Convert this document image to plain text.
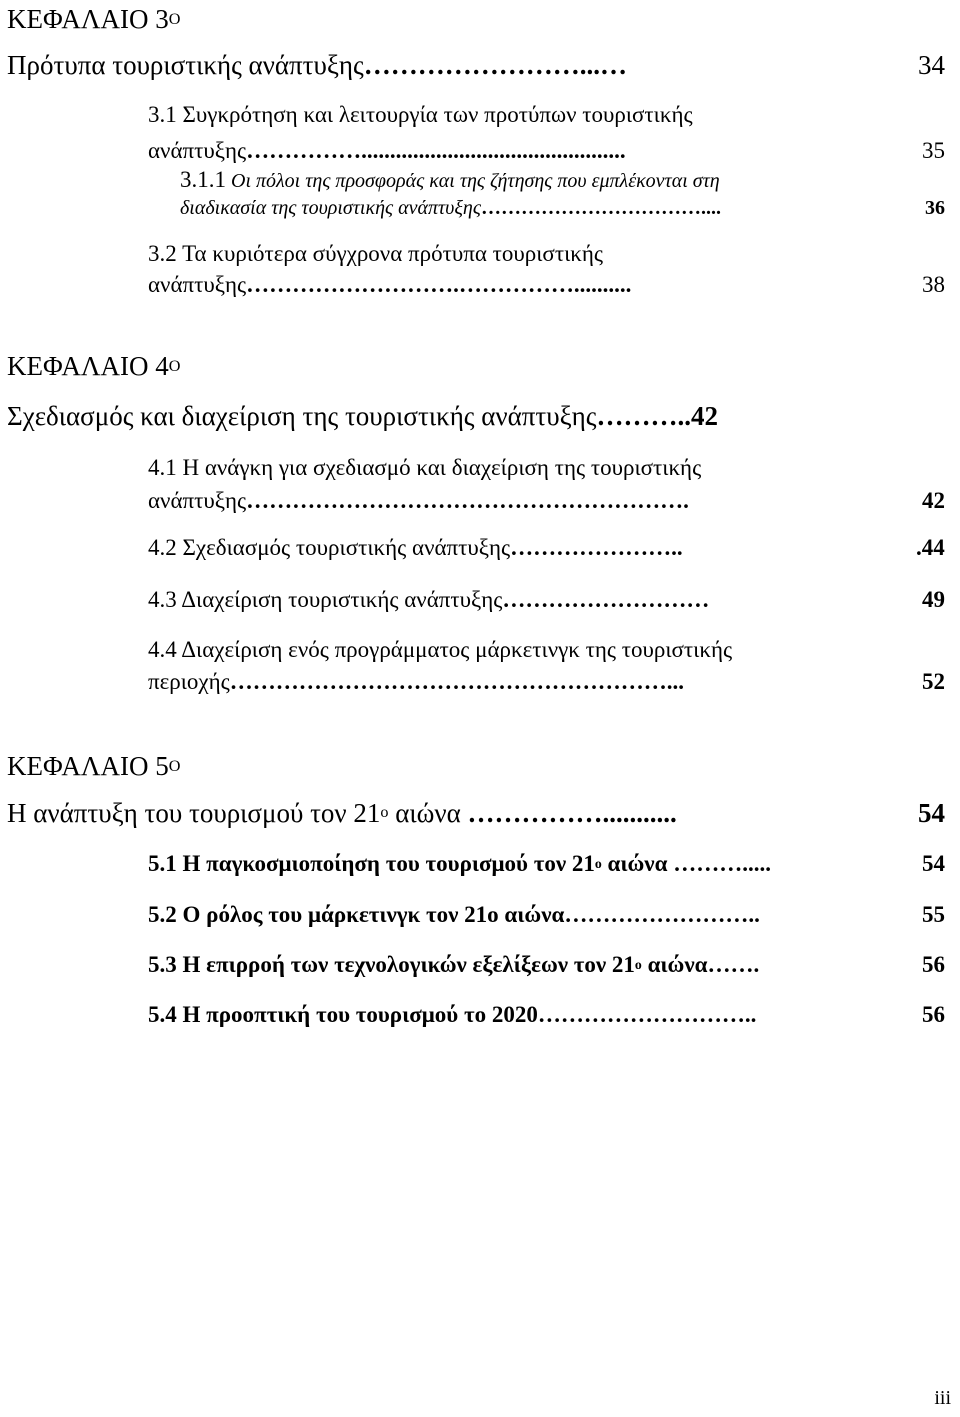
ΚΕΦΑΛΑΙΟ $3^O$
Πρότυπα τουριστικής ανάπτυξης……………………...…	34
3.1 Συγκρότηση και λειτουργία των προτύπων τουριστικής
ανάπτυξης……………..............................................	35
3.1.1 Οι πόλοι της προσφοράς και της ζήτησης που εμπλέκονται στη
διαδικασία της τουριστικής ανάπτυξης……………………………....	36
3.2 Τα κυριότερα σύγχρονα πρότυπα τουριστικής
ανάπτυξης……………………….……………..........	38
ΚΕΦΑΛΑΙΟ $4^O$
Σχεδιασμός και διαχείριση της τουριστικής ανάπτυξης………..42
4.1 Η ανάγκη για σχεδιασμό και διαχείριση της τουριστικής
ανάπτυξης………………………………………………….	42
4.2 Σχεδιασμός τουριστικής ανάπτυξης…………………..	.44
4.3 Διαχείριση τουριστικής ανάπτυξης………………………	49
4.4 Διαχείριση ενός προγράμματος μάρκετινγκ της τουριστικής
περιοχής…………………………………………………...	52
ΚΕΦΑΛΑΙΟ $5^O$
Η ανάπτυξη του τουρισμού τον $21^o$ αιώνα ……………...........	54
5.1 Η παγκοσμιοποίηση του τουρισμού τον $21^o$ αιώνα ……….....	54
5.2 Ο ρόλος του μάρκετινγκ τον 21ο αιώνα……………………..	55
5.3 Η επιρροή των τεχνολογικών εξελίξεων τον $21^o$ αιώνα…….	56
5.4 Η προοπτική του τουρισμού το 2020………………………..	56
iii
